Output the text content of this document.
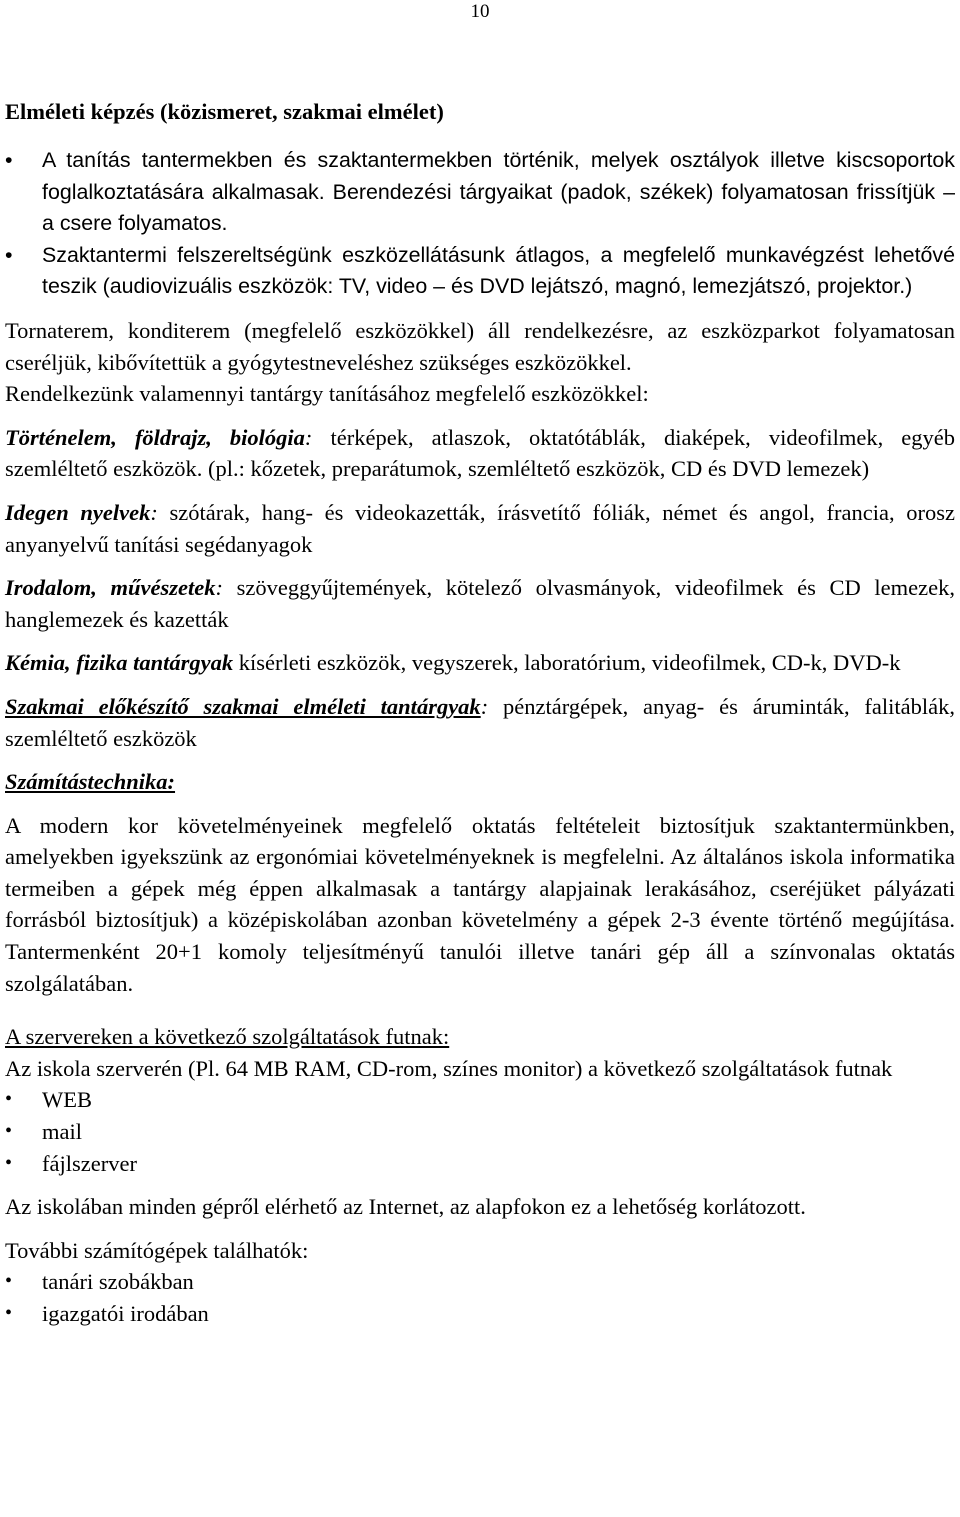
10
Elméleti képzés (közismeret, szakmai elmélet)
• A tanítás tantermekben és szaktantermekben történik, melyek osztályok illetve kiscsoportok foglalkoztatására alkalmasak. Berendezési tárgyaikat (padok, székek) folyamatosan frissítjük – a csere folyamatos.
• Szaktantermi felszereltségünk eszközellátásunk átlagos, a megfelelő munkavégzést lehetővé teszik (audiovizuális eszközök: TV, video – és DVD lejátszó, magnó, lemezjátszó, projektor.)

Tornaterem, konditerem (megfelelő eszközökkel) áll rendelkezésre, az eszközparkot folyamatosan cseréljük, kibővítettük a gyógytestneveléshez szükséges eszközökkel.

Rendelkezünk valamennyi tantárgy tanításához megfelelő eszközökkel:

Történelem, földrajz, biológia: térképek, atlaszok, oktatótáblák, diaképek, videofilmek, egyéb szemléltető eszközök. (pl.: kőzetek, preparátumok, szemléltető eszközök, CD és DVD lemezek)

Idegen nyelvek: szótárak, hang- és videokazetták, írásvetítő fóliák, német és angol, francia, orosz anyanyelvű tanítási segédanyagok

Irodalom, művészetek: szöveggyűjtemények, kötelező olvasmányok, videofilmek és CD lemezek, hanglemezek és kazetták

Kémia, fizika tantárgyak kísérleti eszközök, vegyszerek, laboratórium, videofilmek, CD-k, DVD-k

Szakmai előkészítő szakmai elméleti tantárgyak: pénztárgépek, anyag- és áruminták, falitáblák, szemléltető eszközök

Számítástechnika:

A modern kor követelményeinek megfelelő oktatás feltételeit biztosítjuk szaktantermünkben, amelyekben igyekszünk az ergonómiai követelményeknek is megfelelni. Az általános iskola informatika termeiben a gépek még éppen alkalmasak a tantárgy alapjainak lerakásához, cseréjüket pályázati forrásból biztosítjuk) a középiskolában azonban követelmény a gépek 2-3 évente történő megújítása. Tantermenként 20+1 komoly teljesítményű tanulói illetve tanári gép áll a színvonalas oktatás szolgálatában.

A szervereken a következő szolgáltatások futnak:

Az iskola szerverén (Pl. 64 MB RAM, CD-rom, színes monitor) a következő szolgáltatások futnak

• WEB
• mail
• fájlszerver

Az iskolában minden gépről elérhető az Internet, az alapfokon ez a lehetőség korlátozott.

További számítógépek találhatók:

• tanári szobákban
• igazgatói irodában
